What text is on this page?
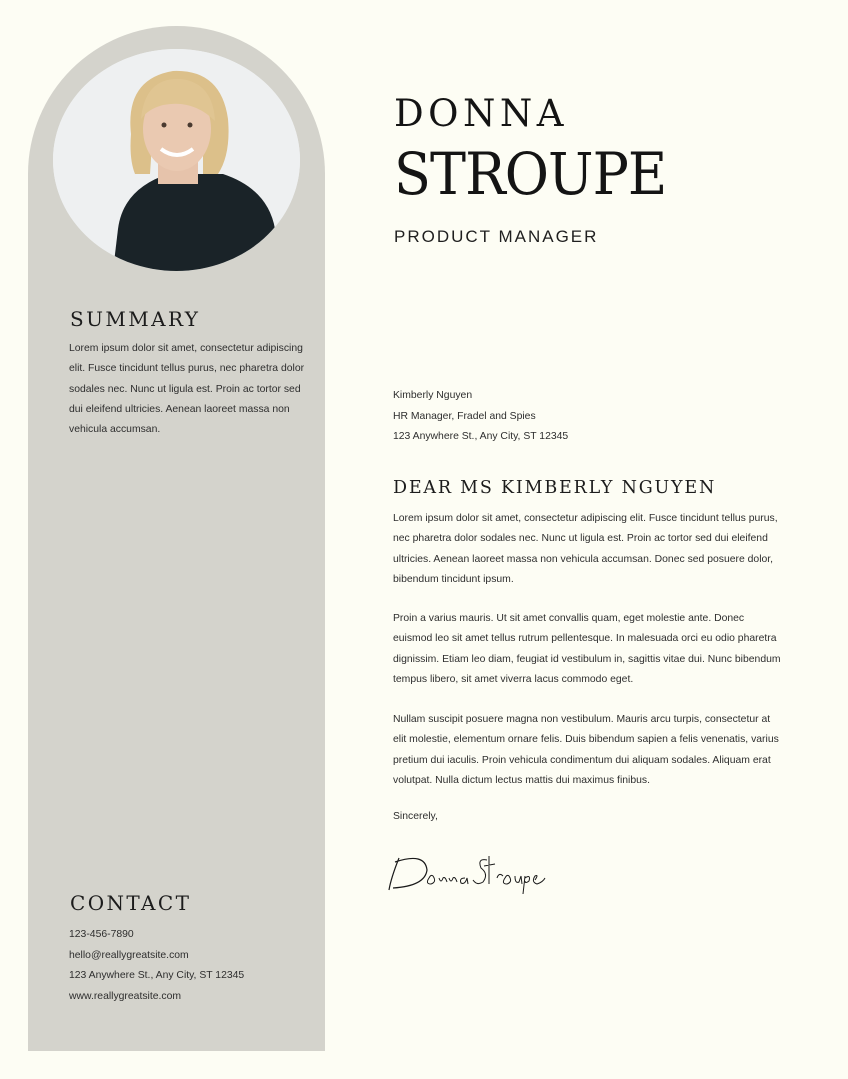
SUMMARY

Lorem ipsum dolor sit amet, consectetur adipiscing elit. Fusce tincidunt tellus purus, nec pharetra dolor sodales nec. Nunc ut ligula est. Proin ac tortor sed dui eleifend ultricies. Aenean laoreet massa non vehicula accumsan.

CONTACT
123-456-7890
hello@reallygreatsite.com
123 Anywhere St., Any City, ST 12345
www.reallygreatsite.com
DONNA
STROUPE

PRODUCT MANAGER

Kimberly Nguyen
HR Manager, Fradel and Spies
123 Anywhere St., Any City, ST 12345
DEAR MS KIMBERLY NGUYEN

Lorem ipsum dolor sit amet, consectetur adipiscing elit. Fusce tincidunt tellus purus, nec pharetra dolor sodales nec. Nunc ut ligula est. Proin ac tortor sed dui eleifend ultricies. Aenean laoreet massa non vehicula accumsan. Donec sed posuere dolor, bibendum tincidunt ipsum.

Proin a varius mauris. Ut sit amet convallis quam, eget molestie ante. Donec euismod leo sit amet tellus rutrum pellentesque. In malesuada orci eu odio pharetra dignissim. Etiam leo diam, feugiat id vestibulum in, sagittis vitae dui. Nunc bibendum tempus libero, sit amet viverra lacus commodo eget.

Nullam suscipit posuere magna non vestibulum. Mauris arcu turpis, consectetur at elit molestie, elementum ornare felis. Duis bibendum sapien a felis venenatis, varius pretium dui iaculis. Proin vehicula condimentum dui aliquam sodales. Aliquam erat volutpat. Nulla dictum lectus mattis dui maximus finibus.

Sincerely,
